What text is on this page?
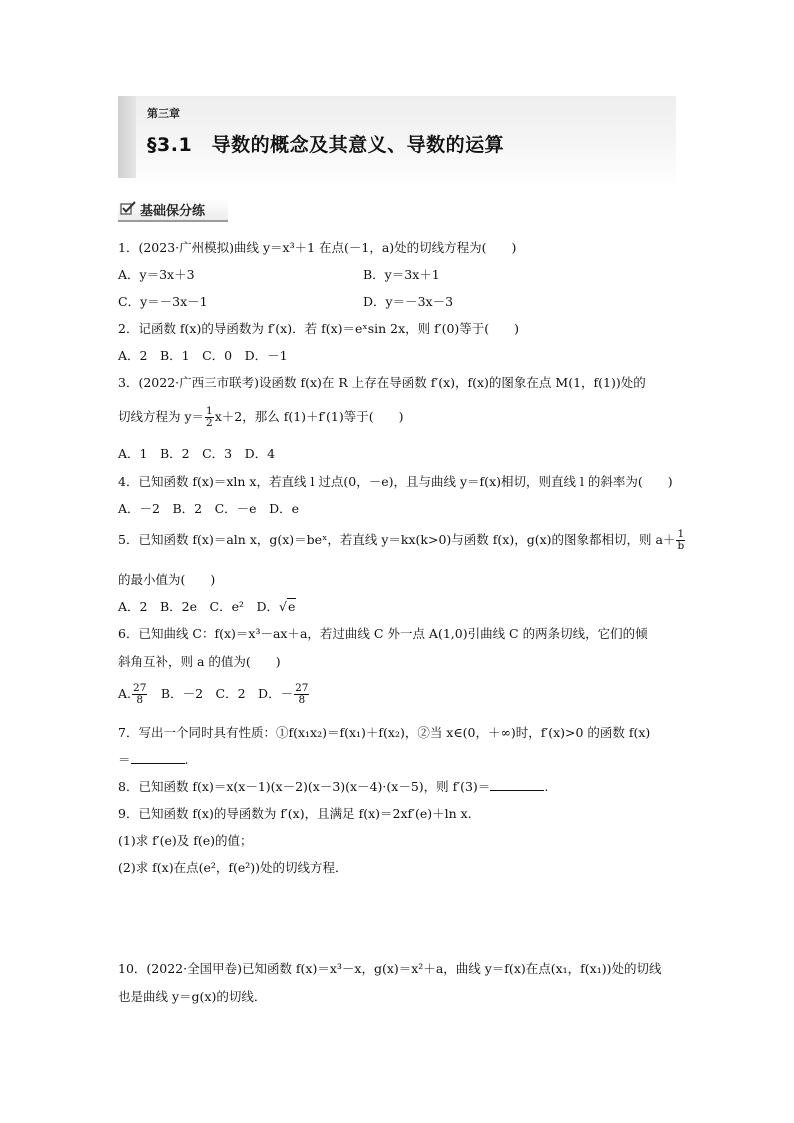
第三章
§3.1　导数的概念及其意义、导数的运算
基础保分练
1．(2023·广州模拟)曲线 y＝x³＋1 在点(－1，a)处的切线方程为(　　)
A．y＝3x＋3	B．y＝3x＋1
C．y＝－3x－1	D．y＝－3x－3
2．记函数 f(x)的导函数为 f′(x)．若 f(x)＝eˣsin 2x，则 f′(0)等于(　　)
A．2　B．1　C．0　D．－1
3．(2022·广西三市联考)设函数 f(x)在 R 上存在导函数 f′(x)，f(x)的图象在点 M(1，f(1))处的
切线方程为 $y= \frac{1}{2} x+2$，那么 f(1)＋f′(1)等于(　　)
A．1　B．2　C．3　D．4
4．已知函数 f(x)＝xln x，若直线 l 过点(0，－e)，且与曲线 y＝f(x)相切，则直线 l 的斜率为(　　)
A．－2　B．2　C．－e　D．e
5．已知函数 f(x)＝aln x，g(x)＝beˣ，若直线 y＝kx(k>0)与函数 f(x)，g(x)的图象都相切，则 $a+ \frac{1}{b}$
的最小值为(　　)
A．2　B．2e　C．e²　D．√e
6．已知曲线 C：f(x)＝x³－ax＋a，若过曲线 C 外一点 A(1,0)引曲线 C 的两条切线，它们的倾
斜角互补，则 a 的值为(　　)
A. $\frac{27}{8}$
　 B．－2　C．2　D．－ $\frac{27}{8}$
7．写出一个同时具有性质：①f(x₁x₂)＝f(x₁)＋f(x₂)，②当 x∈(0，＋∞)时，f′(x)>0 的函数 f(x)
＝	.
8．已知函数 f(x)＝x(x－1)(x－2)(x－3)(x－4)·(x－5)，则 f′(3)＝	.
9．已知函数 f(x)的导函数为 f′(x)，且满足 f(x)＝2xf′(e)＋ln x.
(1)求 f′(e)及 f(e)的值；
(2)求 f(x)在点(e²，f(e²))处的切线方程．
10．(2022·全国甲卷)已知函数 f(x)＝x³－x，g(x)＝x²＋a，曲线 y＝f(x)在点(x₁，f(x₁))处的切线
也是曲线 y＝g(x)的切线．
